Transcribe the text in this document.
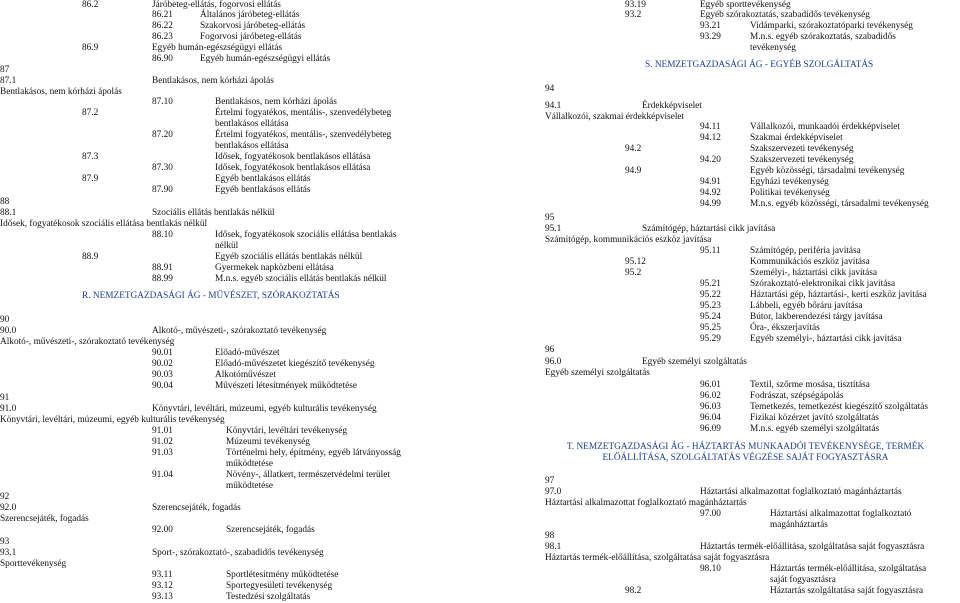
86.2	Járóbeteg-ellátás, fogorvosi ellátás
86.21	Általános járóbeteg-ellátás
86.22	Szakorvosi járóbeteg-ellátás
86.23	Fogorvosi járóbeteg-ellátás
86.9	Egyéb humán-egészségügyi ellátás
86.90	Egyéb humán-egészségügyi ellátás
87
87.1	Bentlakásos, nem kórházi ápolás
Bentlakásos, nem kórházi ápolás
87.10	Bentlakásos, nem kórházi ápolás
87.2	Értelmi fogyatékos, mentális-, szenvedélybeteg bentlakásos ellátása
87.20	Értelmi fogyatékos, mentális-, szenvedélybeteg bentlakásos ellátása
87.3	Idősek, fogyatékosok bentlakásos ellátása
87.30	Idősek, fogyatékosok bentlakásos ellátása
87.9	Egyéb bentlakásos ellátás
87.90	Egyéb bentlakásos ellátás
88
88.1	Szociális ellátás bentlakás nélkül
Idősek, fogyatékosok szociális ellátása bentlakás nélkül
88.10	Idősek, fogyatékosok szociális ellátása bentlakás nélkül
88.9	Egyéb szociális ellátás bentlakás nélkül
88.91	Gyermekek napközbeni ellátása
88.99	M.n.s. egyéb szociális ellátás bentlakás nélkül
R. NEMZETGAZDASÁGI ÁG - MŰVÉSZET, SZÓRAKOZTATÁS
90
90.0	Alkotó-, művészeti-, szórakoztató tevékenység
Alkotó-, művészeti-, szórakoztató tevékenység
90.01	Előadó-művészet
90.02	Előadó-művészetet kiegészítő tevékenység
90.03	Alkotóművészet
90.04	Művészeti létesítmények működtetése
91
91.0	Könyvtári, levéltári, múzeumi, egyéb kulturális tevékenység
Könyvtári, levéltári, múzeumi, egyéb kulturális tevékenység
91.01	Könyvtári, levéltári tevékenység
91.02	Múzeumi tevékenység
91.03	Történelmi hely, építmény, egyéb látványosság működtetése
91.04	Növény-, állatkert, természetvédelmi terület működtetése
92
92.0	Szerencsejáték, fogadás
Szerencsejáték, fogadás
92.00	Szerencsejáték, fogadás
93
93.1	Sport-, szórakoztató-, szabadidős tevékenység
Sporttevékenység
93.11	Sportlétesítmény működtetése
93.12	Sportegyesületi tevékenység
93.13	Testedzési szolgáltatás
93.19	Egyéb sporttevékenység
93.2	Egyéb szórakoztatás, szabadidős tevékenység
93.21	Vidámparki, szórakoztatóparki tevékenység
93.29	M.n.s. egyéb szórakoztatás, szabadidős tevékenység
S. NEMZETGAZDASÁGI ÁG - EGYÉB SZOLGÁLTATÁS
94
94.1	Érdekképviselet
Vállalkozói, szakmai érdekképviselet
94.11	Vállalkozói, munkaadói érdekképviselet
94.12	Szakmai érdekképviselet
94.2	Szakszervezeti tevékenység
94.20	Szakszervezeti tevékenység
94.9	Egyéb közösségi, társadalmi tevékenység
94.91	Egyházi tevékenység
94.92	Politikai tevékenység
94.99	M.n.s. egyéb közösségi, társadalmi tevékenység
95
95.1	Számítógép, háztartási cikk javítása
Számítógép, kommunikációs eszköz javítása
95.11	Számítógép, periféria javítása
95.12	Kommunikációs eszköz javítása
95.2	Személyi-, háztartási cikk javítása
95.21	Szórakoztató-elektronikai cikk javítása
95.22	Háztartási gép, háztartási-, kerti eszköz javítása
95.23	Lábbeli, egyéb bőráru javítása
95.24	Bútor, lakberendezési tárgy javítása
95.25	Óra-, ékszerjavítás
95.29	Egyéb személyi-, háztartási cikk javítása
96
96.0	Egyéb személyi szolgáltatás
Egyéb személyi szolgáltatás
96.01	Textil, szőrme mosása, tisztítása
96.02	Fodrászat, szépségápolás
96.03	Temetkezés, temetkezést kiegészítő szolgáltatás
96.04	Fizikai közérzet javító szolgáltatás
96.09	M.n.s. egyéb személyi szolgáltatás
T. NEMZETGAZDASÁGI ÁG - HÁZTARTÁS MUNKAADÓI TEVÉKENYSÉGE, TERMÉK ELŐÁLLÍTÁSA, SZOLGÁLTATÁS VÉGZÉSE SAJÁT FOGYASZTÁSRA
97
97.0	Háztartási alkalmazottat foglalkoztató magánháztartás
Háztartási alkalmazottat foglalkoztató magánháztartás
97.00	Háztartási alkalmazottat foglalkoztató magánháztartás
98
98.1	Háztartás termék-előállítása, szolgáltatása saját fogyasztásra
Háztartás termék-előállítása, szolgáltatása saját fogyasztásra
98.10	Háztartás termék-előállítása, szolgáltatása saját fogyasztásra
98.2	Háztartás szolgáltatása saját fogyasztásra
